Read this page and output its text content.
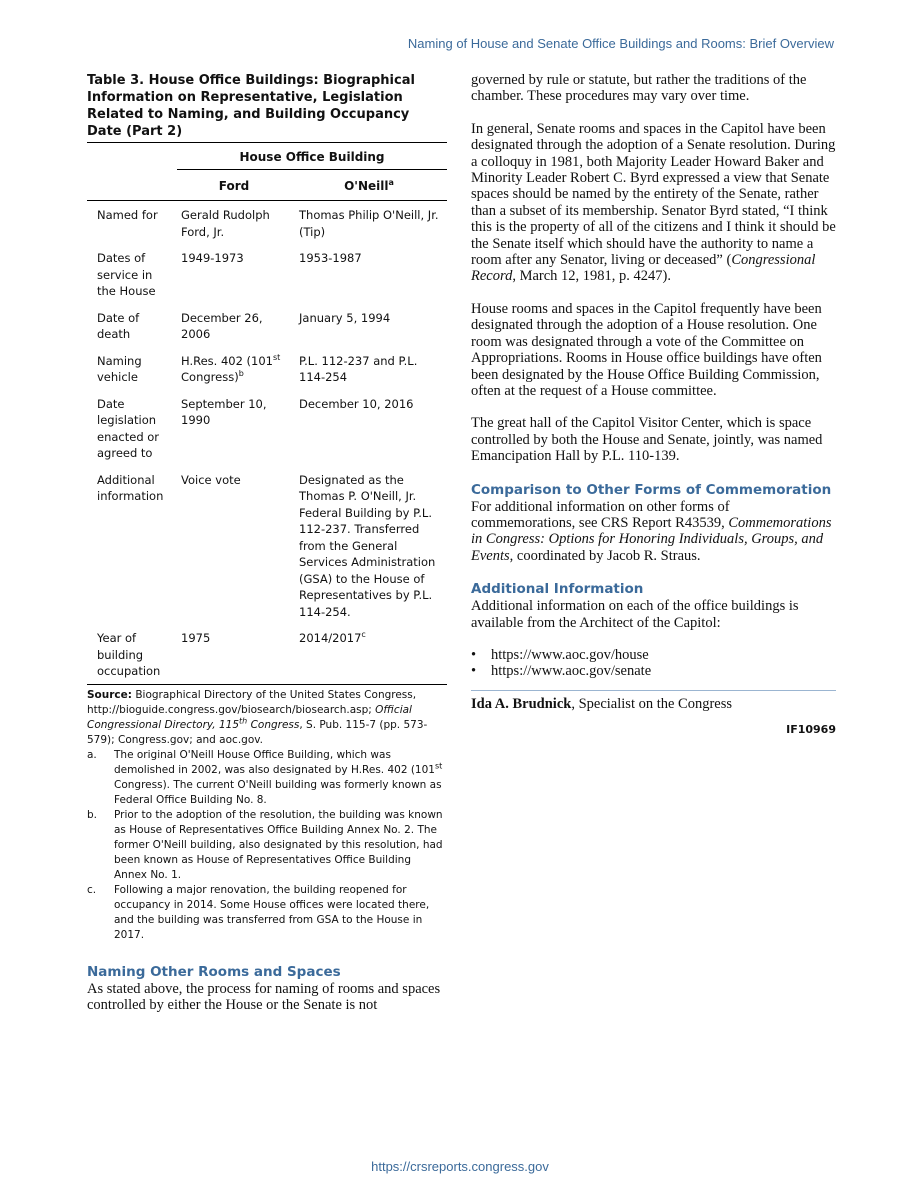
Naming of House and Senate Office Buildings and Rooms: Brief Overview
Table 3. House Office Buildings: Biographical Information on Representative, Legislation Related to Naming, and Building Occupancy Date (Part 2)
	House Office Building	
	Ford	O'Neill$^a$
Named for	Gerald Rudolph Ford, Jr.	Thomas Philip O'Neill, Jr. (Tip)
Dates of service in the House	1949-1973	1953-1987
Date of death	December 26, 2006	January 5, 1994
Naming vehicle	H.Res. 402 (101st Congress)$^b$	P.L. 112-237 and P.L. 114-254
Date legislation enacted or agreed to	September 10, 1990	December 10, 2016
Additional information	Voice vote	Designated as the Thomas P. O'Neill, Jr. Federal Building by P.L. 112-237. Transferred from the General Services Administration (GSA) to the House of Representatives by P.L. 114-254.
Year of building occupation	1975	2014/2017$^c$
Source: Biographical Directory of the United States Congress, http://bioguide.congress.gov/biosearch/biosearch.asp; Official Congressional Directory, 115th Congress, S. Pub. 115-7 (pp. 573-579); Congress.gov; and aoc.gov.
a. The original O'Neill House Office Building, which was demolished in 2002, was also designated by H.Res. 402 (101st Congress). The current O'Neill building was formerly known as Federal Office Building No. 8.
b. Prior to the adoption of the resolution, the building was known as House of Representatives Office Building Annex No. 2. The former O'Neill building, also designated by this resolution, had been known as House of Representatives Office Building Annex No. 1.
c. Following a major renovation, the building reopened for occupancy in 2014. Some House offices were located there, and the building was transferred from GSA to the House in 2017.
Naming Other Rooms and Spaces

As stated above, the process for naming of rooms and spaces controlled by either the House or the Senate is not

governed by rule or statute, but rather the traditions of the chamber. These procedures may vary over time.

In general, Senate rooms and spaces in the Capitol have been designated through the adoption of a Senate resolution. During a colloquy in 1981, both Majority Leader Howard Baker and Minority Leader Robert C. Byrd expressed a view that Senate spaces should be named by the entirety of the Senate, rather than a subset of its membership. Senator Byrd stated, “I think this is the property of all of the citizens and I think it should be the Senate itself which should have the authority to name a room after any Senator, living or deceased” (Congressional Record, March 12, 1981, p. 4247).

House rooms and spaces in the Capitol frequently have been designated through the adoption of a House resolution. One room was designated through a vote of the Committee on Appropriations. Rooms in House office buildings have often been designated by the House Office Building Commission, often at the request of a House committee.

The great hall of the Capitol Visitor Center, which is space controlled by both the House and Senate, jointly, was named Emancipation Hall by P.L. 110-139.

Comparison to Other Forms of Commemoration

For additional information on other forms of commemorations, see CRS Report R43539, Commemorations in Congress: Options for Honoring Individuals, Groups, and Events, coordinated by Jacob R. Straus.

Additional Information

Additional information on each of the office buildings is available from the Architect of the Capitol:

• https://www.aoc.gov/house
• https://www.aoc.gov/senate
Ida A. Brudnick, Specialist on the Congress
IF10969
https://crsreports.congress.gov
